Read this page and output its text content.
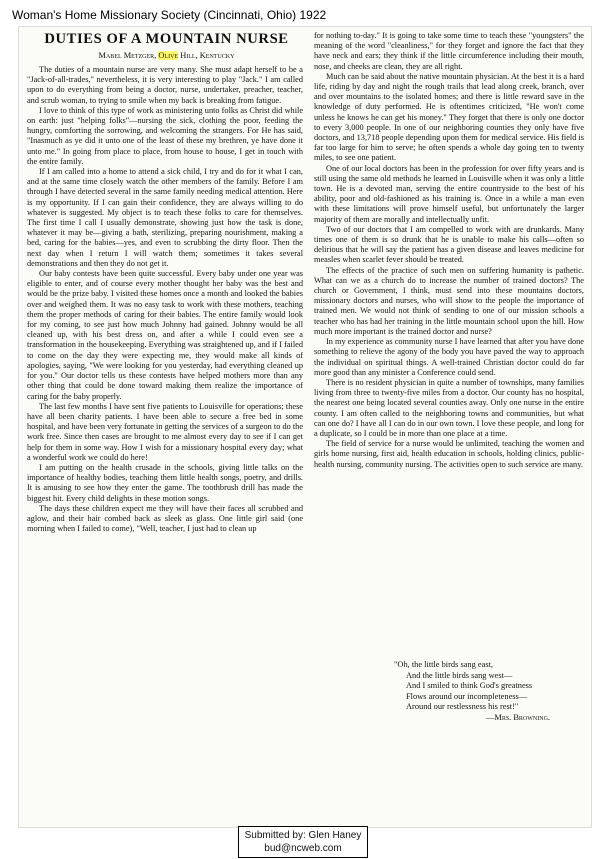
Woman's Home Missionary Society (Cincinnati, Ohio) 1922
DUTIES OF A MOUNTAIN NURSE
Mabel Metzger, Olive Hill, Kentucky

The duties of a mountain nurse are very many. She must adapt herself to be a "Jack-of-all-trades," nevertheless, it is very interesting to play "Jack." I am called upon to do everything from being a doctor, nurse, undertaker, preacher, teacher, and scrub woman, to trying to smile when my back is breaking from fatigue.

I love to think of this type of work as ministering unto folks as Christ did while on earth: just "helping folks"—nursing the sick, clothing the poor, feeding the hungry, comforting the sorrowing, and welcoming the strangers. For He has said, "Inasmuch as ye did it unto one of the least of these my brethren, ye have done it unto me." In going from place to place, from house to house, I get in touch with the entire family.

If I am called into a home to attend a sick child, I try and do for it what I can, and at the same time closely watch the other members of the family. Before I am through I have detected several in the same family needing medical attention. Here is my opportunity. If I can gain their confidence, they are always willing to do whatever is suggested. My object is to teach these folks to care for themselves. The first time I call I usually demonstrate, showing just how the task is done, whatever it may be—giving a bath, sterilizing, preparing nourishment, making a bed, caring for the babies—yes, and even to scrubbing the dirty floor. Then the next day when I return I will watch them; sometimes it takes several demonstrations and then they do not get it.

Our baby contests have been quite successful. Every baby under one year was eligible to enter, and of course every mother thought her baby was the best and would be the prize baby. I visited these homes once a month and looked the babies over and weighed them. It was no easy task to work with these mothers, teaching them the proper methods of caring for their babies. The entire family would look for my coming, to see just how much Johnny had gained. Johnny would be all cleaned up, with his best dress on, and after a while I could even see a transformation in the housekeeping. Everything was straightened up, and if I failed to come on the day they were expecting me, they would make all kinds of apologies, saying, "We were looking for you yesterday, had everything cleaned up for you." Our doctor tells us these contests have helped mothers more than any other thing that could be done toward making them realize the importance of caring for the baby properly.

The last few months I have sent five patients to Louisville for operations; these have all been charity patients. I have been able to secure a free bed in some hospital, and have been very fortunate in getting the services of a surgeon to do the work free. Since then cases are brought to me almost every day to see if I can get help for them in some way. How I wish for a missionary hospital every day; what a wonderful work we could do here!

I am putting on the health crusade in the schools, giving little talks on the importance of healthy bodies, teaching them little health songs, poetry, and drills. It is amusing to see how they enter the game. The toothbrush drill has made the biggest hit. Every child delights in these motion songs.

The days these children expect me they will have their faces all scrubbed and aglow, and their hair combed back as sleek as glass. One little girl said (one morning when I failed to come), "Well, teacher, I just had to clean up

for nothing to-day." It is going to take some time to teach these "youngsters" the meaning of the word "cleanliness," for they forget and ignore the fact that they have neck and ears; they think if the little circumference including their mouth, nose, and cheeks are clean, they are all right.

Much can be said about the native mountain physician. At the best it is a hard life, riding by day and night the rough trails that lead along creek, branch, over and over mountains to the isolated homes; and there is little reward save in the knowledge of duty performed. He is oftentimes criticized, "He won't come unless he knows he can get his money." They forget that there is only one doctor to every 3,000 people. In one of our neighboring counties they only have five doctors, and 13,718 people depending upon them for medical service. His field is far too large for him to serve; he often spends a whole day going ten to twenty miles, to see one patient.

One of our local doctors has been in the profession for over fifty years and is still using the same old methods he learned in Louisville when it was only a little town. He is a devoted man, serving the entire countryside to the best of his ability, poor and old-fashioned as his training is. Once in a while a man even with these limitations will prove himself useful, but unfortunately the larger majority of them are morally and intellectually unfit.

Two of our doctors that I am compelled to work with are drunkards. Many times one of them is so drunk that he is unable to make his calls—often so delirious that he will say the patient has a given disease and leaves medicine for measles when scarlet fever should be treated.

The effects of the practice of such men on suffering humanity is pathetic. What can we as a church do to increase the number of trained doctors? The church or Government, I think, must send into these mountains doctors, missionary doctors and nurses, who will show to the people the importance of trained men. We would not think of sending to one of our mission schools a teacher who has had her training in the little mountain school upon the hill. How much more important is the trained doctor and nurse?

In my experience as community nurse I have learned that after you have done something to relieve the agony of the body you have paved the way to approach the individual on spiritual things. A well-trained Christian doctor could do far more good than any minister a Conference could send.

There is no resident physician in quite a number of townships, many families living from three to twenty-five miles from a doctor. Our county has no hospital, the nearest one being located several counties away. Only one nurse in the entire county. I am often called to the neighboring towns and communities, but what can one do? I have all I can do in our own town. I love these people, and long for a duplicate, so I could be in more than one place at a time.

The field of service for a nurse would be unlimited, teaching the women and girls home nursing, first aid, health education in schools, holding clinics, public-health nursing, community nursing. The activities open to such service are many.

"Oh, the little birds sang east,
And the little birds sang west—
And I smiled to think God's greatness
Flows around our incompleteness—
Around our restlessness his rest!"
—Mrs. Browning.
Submitted by: Glen Haney
bud@ncweb.com
